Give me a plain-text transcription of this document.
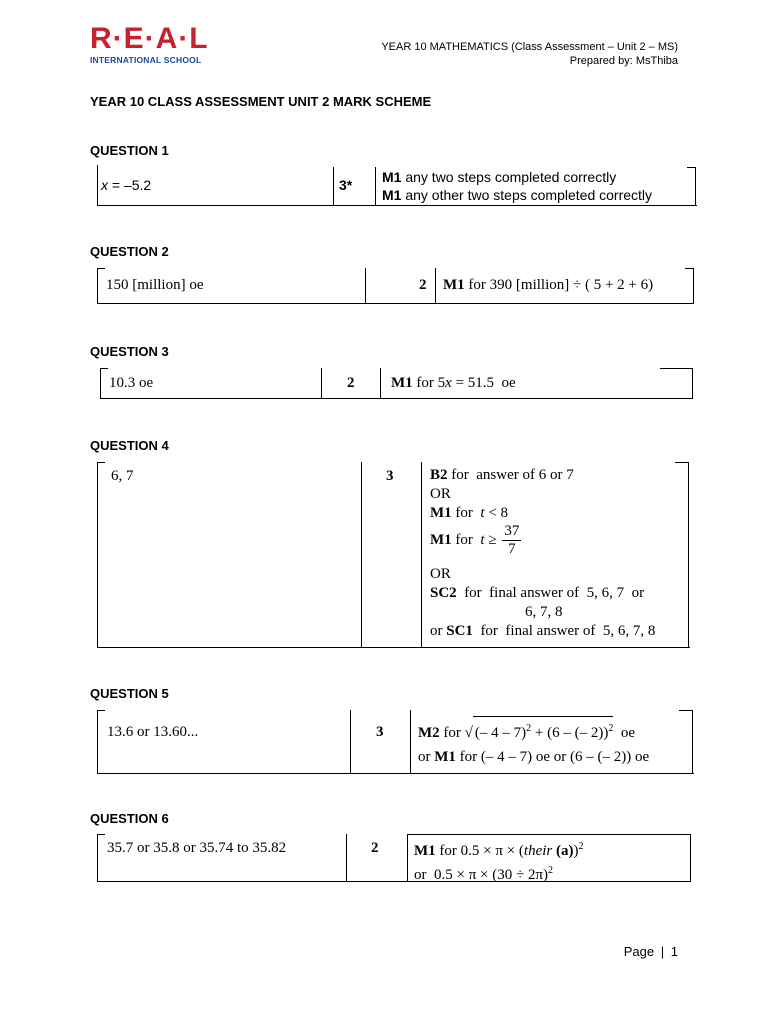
R·E·A·L
INTERNATIONAL SCHOOL
YEAR 10 MATHEMATICS (Class Assessment – Unit 2 – MS)
Prepared by: MsThiba
YEAR 10 CLASS ASSESSMENT UNIT 2 MARK SCHEME
QUESTION 1
x = –5.2	3* M1 any two steps completed correctly
M1 any other two steps completed correctly
QUESTION 2
150 [million] oe	2 M1 for 390 [million] ÷ ( 5 + 2 + 6)
QUESTION 3
10.3 oe	2 M1 for 5x = 51.5  oe
QUESTION 4
6, 7	3 B2 for  answer of 6 or 7
OR
M1 for  t < 8
M1 for  $t \ge \frac{37}{7}$
OR
SC2  for  final answer of  5, 6, 7  or
6, 7, 8
or SC1  for  final answer of  5, 6, 7, 8
QUESTION 5
13.6 or 13.60...	3 M2 for √ (– 4 – 7)$^2$ + (6 – (– 2))$^2$  oe
or M1 for (– 4 – 7) oe or (6 – (– 2)) oe
QUESTION 6
35.7 or 35.8 or 35.74 to 35.82	2 M1 for 0.5 × π × (their (a))$^2$
or  $0.5 \times \pi \times (30 \div 2\pi)^2$
Page | 1
